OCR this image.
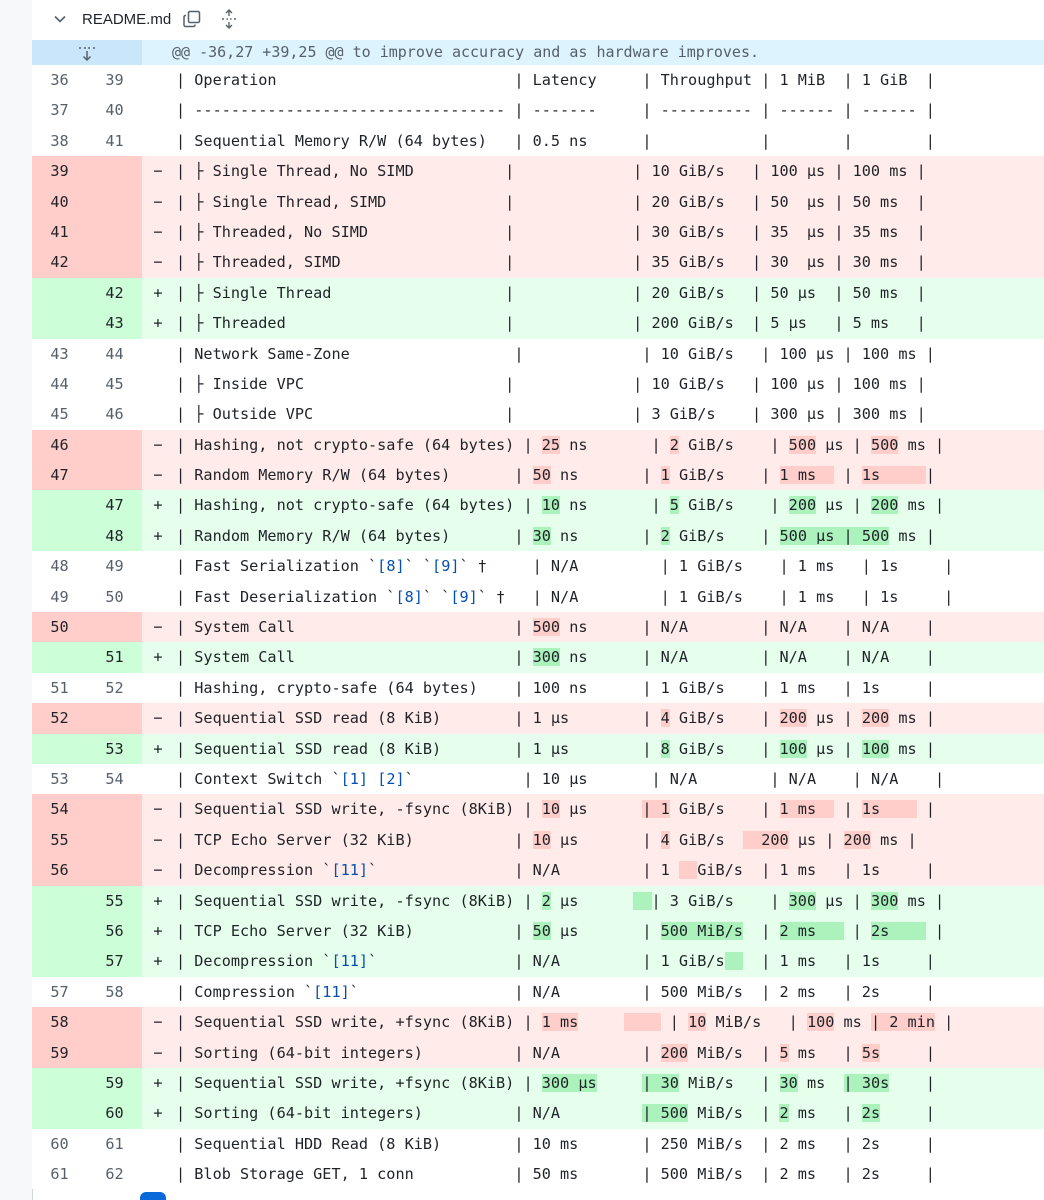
README.md
@@ -36,27 +39,25 @@ to improve accuracy and as hardware improves.
36	39	| Operation                          | Latency     | Throughput | 1 MiB  | 1 GiB  |
37	40	| ---------------------------------- | -------     | ---------- | ------ | ------ |
38	41	| Sequential Memory R/W (64 bytes)   | 0.5 ns      |            |        |        |
39	− | ├ Single Thread, No SIMD          |             | 10 GiB/s   | 100 µs | 100 ms |
40	− | ├ Single Thread, SIMD             |             | 20 GiB/s   | 50  µs | 50 ms  |
41	− | ├ Threaded, No SIMD               |             | 30 GiB/s   | 35  µs | 35 ms  |
42	− | ├ Threaded, SIMD                  |             | 35 GiB/s   | 30  µs | 30 ms  |
42	+ | ├ Single Thread                   |             | 20 GiB/s   | 50 µs  | 50 ms  |
43	+ | ├ Threaded                        |             | 200 GiB/s  | 5 µs   | 5 ms   |
43	44	| Network Same-Zone                  |             | 10 GiB/s   | 100 µs | 100 ms |
44	45	| ├ Inside VPC                      |             | 10 GiB/s   | 100 µs | 100 ms |
45	46	| ├ Outside VPC                     |             | 3 GiB/s    | 300 µs | 300 ms |
46	− | Hashing, not crypto-safe (64 bytes) | 25 ns       | 2 GiB/s    | 500 µs | 500 ms |
47	− | Random Memory R/W (64 bytes)       | 50 ns       | 1 GiB/s    | 1 ms   | 1s     |
47	+ | Hashing, not crypto-safe (64 bytes) | 10 ns       | 5 GiB/s    | 200 µs | 200 ms |
48	+ | Random Memory R/W (64 bytes)       | 30 ns       | 2 GiB/s    | 500 µs | 500 ms |
48	49	| Fast Serialization `[8]` `[9]` †     | N/A         | 1 GiB/s    | 1 ms   | 1s     |
49	50	| Fast Deserialization `[8]` `[9]` †   | N/A         | 1 GiB/s    | 1 ms   | 1s     |
50	− | System Call                        | 500 ns      | N/A        | N/A    | N/A    |
51	+ | System Call                        | 300 ns      | N/A        | N/A    | N/A    |
51	52	| Hashing, crypto-safe (64 bytes)    | 100 ns      | 1 GiB/s    | 1 ms   | 1s     |
52	− | Sequential SSD read (8 KiB)        | 1 µs        | 4 GiB/s    | 200 µs | 200 ms |
53	+ | Sequential SSD read (8 KiB)        | 1 µs        | 8 GiB/s    | 100 µs | 100 ms |
53	54	| Context Switch `[1] [2]`            | 10 µs       | N/A        | N/A    | N/A    |
54	− | Sequential SSD write, -fsync (8KiB) | 10 µs      | 1 GiB/s    | 1 ms   | 1s     |
55	− | TCP Echo Server (32 KiB)           | 10 µs       | 4 GiB/s    200 µs | 200 ms |
56	− | Decompression `[11]`               | N/A         | 1   GiB/s  | 1 ms   | 1s     |
55	+ | Sequential SSD write, -fsync (8KiB) | 2 µs        | 3 GiB/s    | 300 µs | 300 ms |
56	+ | TCP Echo Server (32 KiB)           | 50 µs       | 500 MiB/s  | 2 ms    | 2s     |
57	+ | Decompression `[11]`               | N/A         | 1 GiB/s    | 1 ms   | 1s     |
57	58	| Compression `[11]`                 | N/A         | 500 MiB/s  | 2 ms   | 2s     |
58	− | Sequential SSD write, +fsync (8KiB) | 1 ms	| 10 MiB/s   | 100 ms | 2 min |
59	− | Sorting (64-bit integers)          | N/A         | 200 MiB/s  | 5 ms   | 5s     |
59	+ | Sequential SSD write, +fsync (8KiB) | 300 µs	| 30 MiB/s   | 30 ms  | 30s    |
60	+ | Sorting (64-bit integers)          | N/A         | 500 MiB/s  | 2 ms   | 2s     |
60	61	| Sequential HDD Read (8 KiB)        | 10 ms       | 250 MiB/s  | 2 ms   | 2s     |
61	62	| Blob Storage GET, 1 conn           | 50 ms       | 500 MiB/s  | 2 ms   | 2s     |
